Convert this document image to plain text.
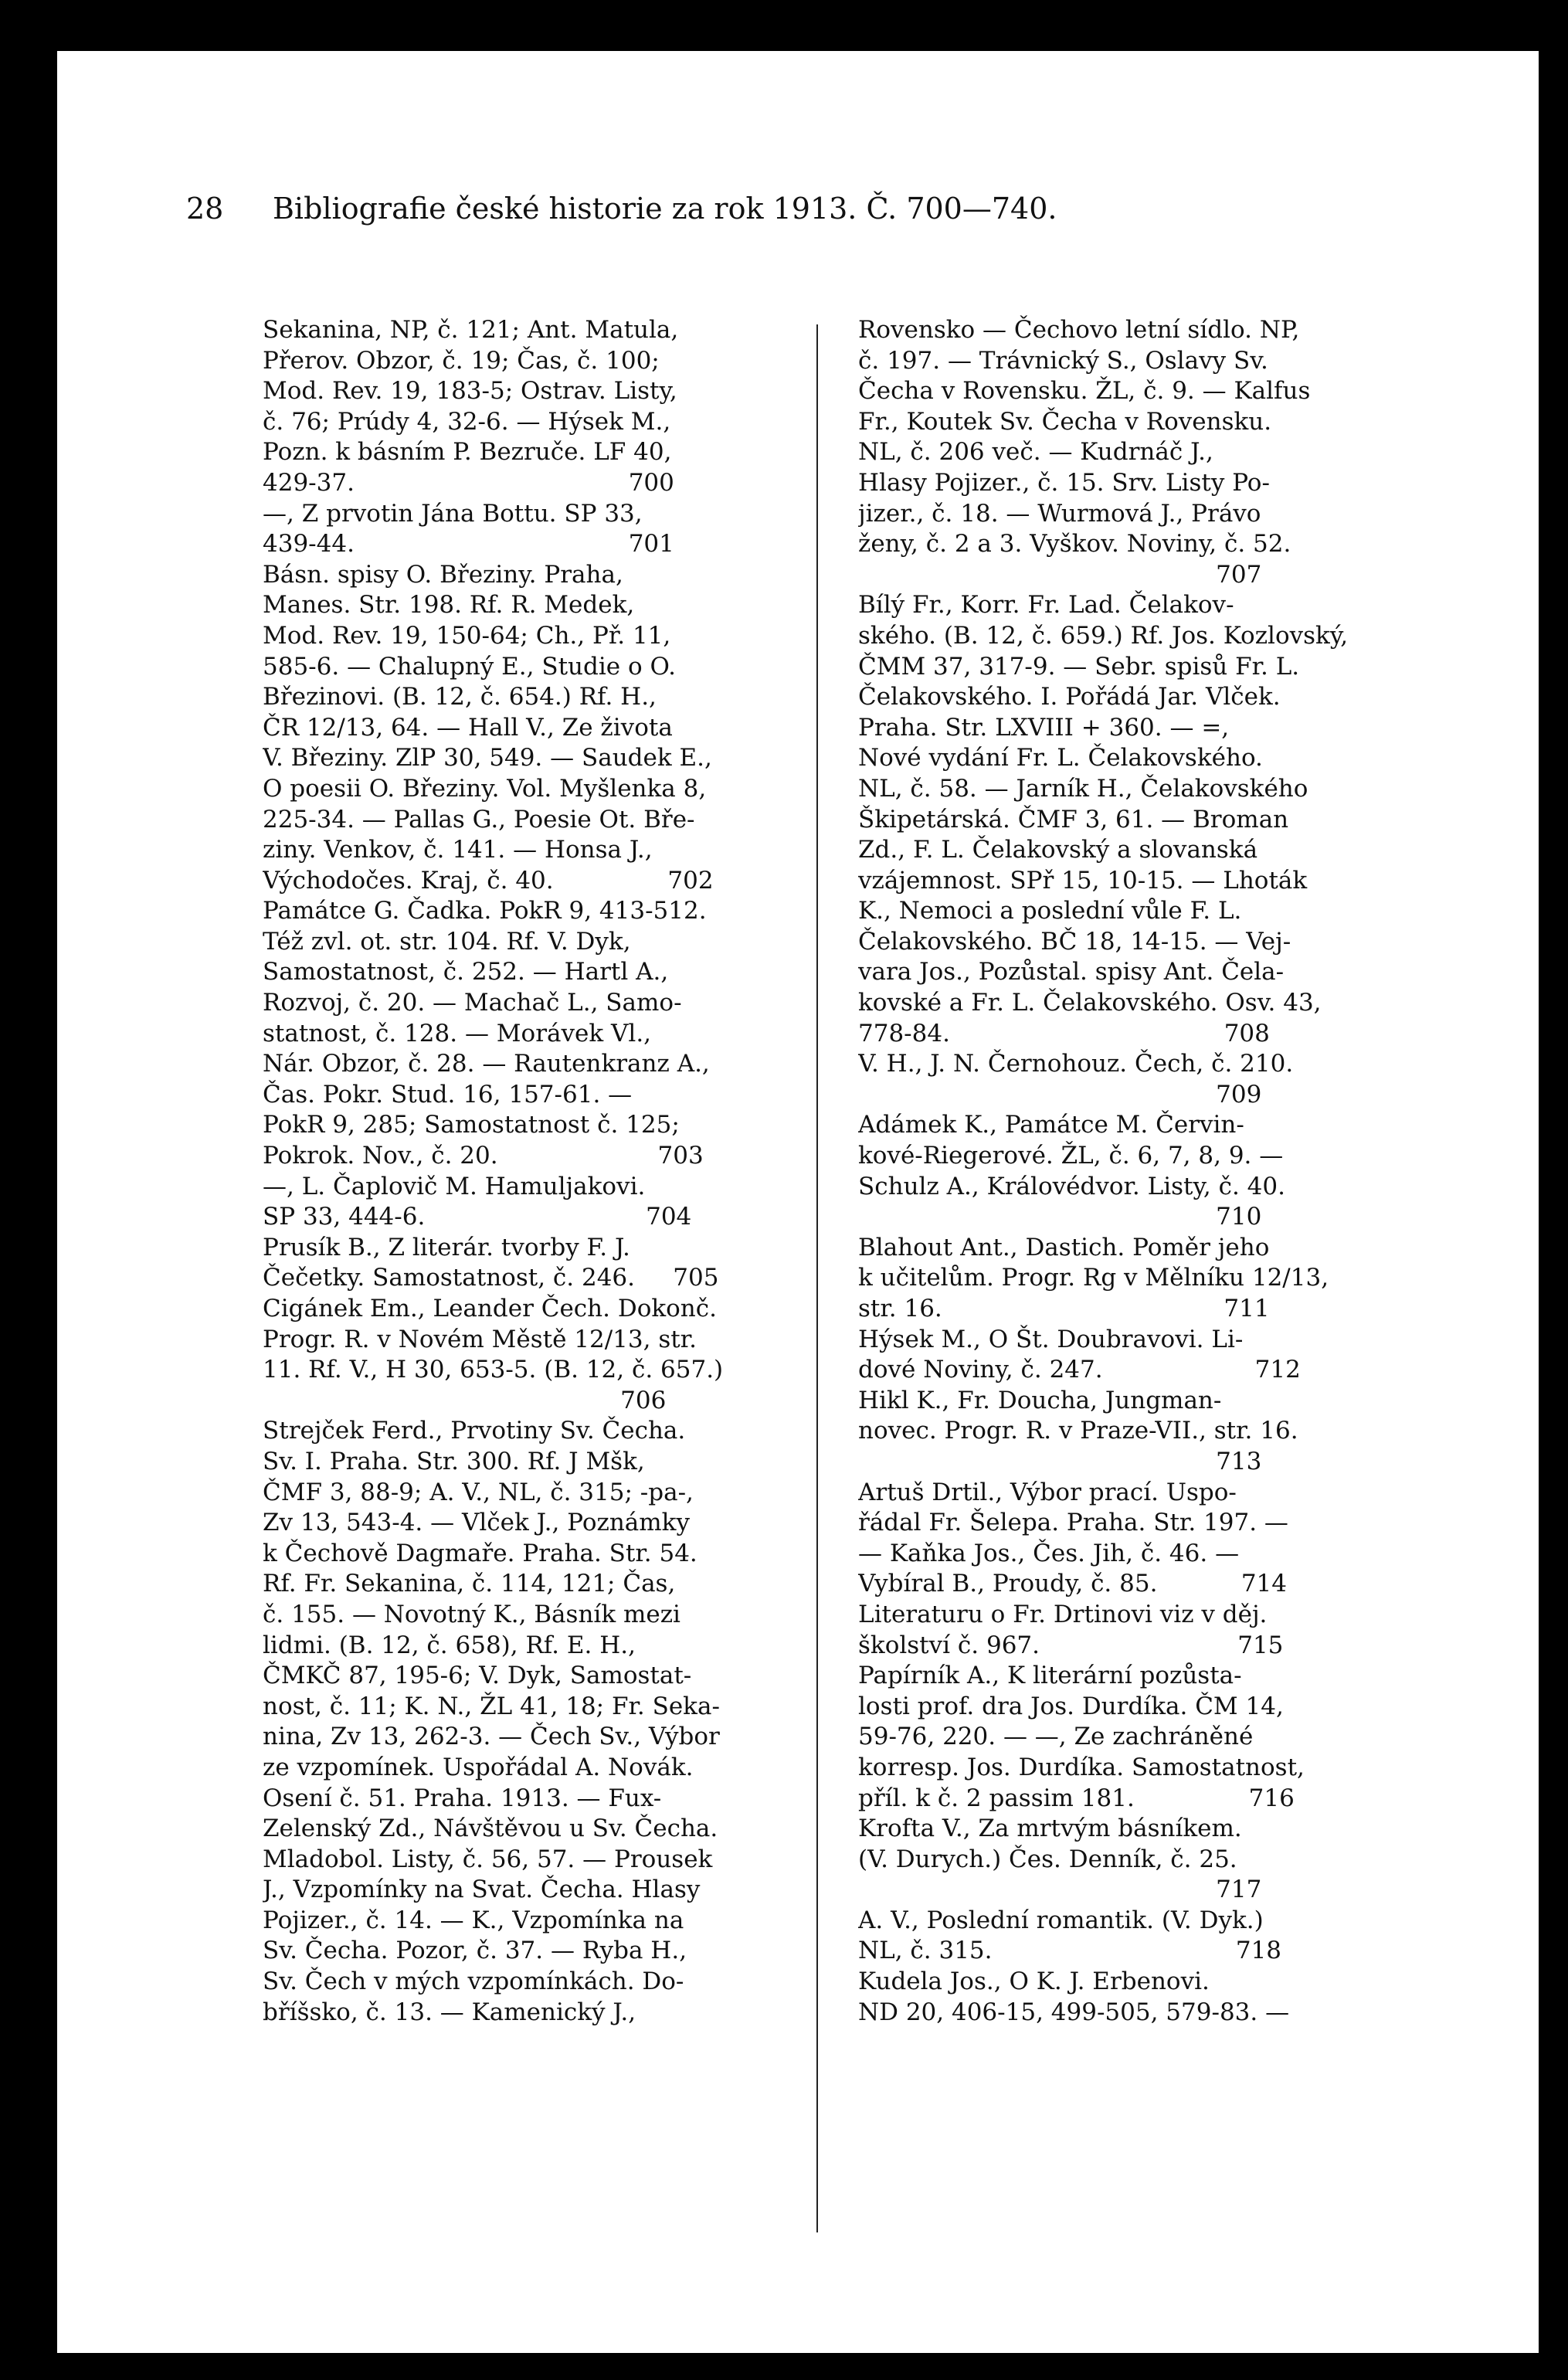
28 Bibliografie české historie za rok 1913. Č. 700—740.
Sekanina, NP, č. 121; Ant. Matula,
Přerov. Obzor, č. 19; Čas, č. 100;
Mod. Rev. 19, 183-5; Ostrav. Listy,
č. 76; Prúdy 4, 32-6. — Hýsek M.,
Pozn. k básním P. Bezruče. LF 40,
429-37.                                    700
—, Z prvotin Jána Bottu. SP 33,
439-44.                                    701
Básn. spisy O. Březiny. Praha,
Manes. Str. 198. Rf. R. Medek,
Mod. Rev. 19, 150-64; Ch., Př. 11,
585-6. — Chalupný E., Studie o O.
Březinovi. (B. 12, č. 654.) Rf. H.,
ČR 12/13, 64. — Hall V., Ze života
V. Březiny. ZlP 30, 549. — Saudek E.,
O poesii O. Březiny. Vol. Myšlenka 8,
225-34. — Pallas G., Poesie Ot. Bře-
ziny. Venkov, č. 141. — Honsa J.,
Východočes. Kraj, č. 40.               702
Památce G. Čadka. PokR 9, 413-512.
Též zvl. ot. str. 104. Rf. V. Dyk,
Samostatnost, č. 252. — Hartl A.,
Rozvoj, č. 20. — Machač L., Samo-
statnost, č. 128. — Morávek Vl.,
Nár. Obzor, č. 28. — Rautenkranz A.,
Čas. Pokr. Stud. 16, 157-61. —
PokR 9, 285; Samostatnost č. 125;
Pokrok. Nov., č. 20.                     703
—, L. Čaplovič M. Hamuljakovi.
SP 33, 444-6.                             704
Prusík B., Z literár. tvorby F. J.
Čečetky. Samostatnost, č. 246.     705
Cigánek Em., Leander Čech. Dokonč.
Progr. R. v Novém Městě 12/13, str.
11. Rf. V., H 30, 653-5. (B. 12, č. 657.)
706
Strejček Ferd., Prvotiny Sv. Čecha.
Sv. I. Praha. Str. 300. Rf. J Mšk,
ČMF 3, 88-9; A. V., NL, č. 315; -pa-,
Zv 13, 543-4. — Vlček J., Poznámky
k Čechově Dagmaře. Praha. Str. 54.
Rf. Fr. Sekanina, č. 114, 121; Čas,
č. 155. — Novotný K., Básník mezi
lidmi. (B. 12, č. 658), Rf. E. H.,
ČMKČ 87, 195-6; V. Dyk, Samostat-
nost, č. 11; K. N., ŽL 41, 18; Fr. Seka-
nina, Zv 13, 262-3. — Čech Sv., Výbor
ze vzpomínek. Uspořádal A. Novák.
Osení č. 51. Praha. 1913. — Fux-
Zelenský Zd., Návštěvou u Sv. Čecha.
Mladobol. Listy, č. 56, 57. — Prousek
J., Vzpomínky na Svat. Čecha. Hlasy
Pojizer., č. 14. — K., Vzpomínka na
Sv. Čecha. Pozor, č. 37. — Ryba H.,
Sv. Čech v mých vzpomínkách. Do-
bříšsko, č. 13. — Kamenický J.,
Rovensko — Čechovo letní sídlo. NP,
č. 197. — Trávnický S., Oslavy Sv.
Čecha v Rovensku. ŽL, č. 9. — Kalfus
Fr., Koutek Sv. Čecha v Rovensku.
NL, č. 206 več. — Kudrnáč J.,
Hlasy Pojizer., č. 15. Srv. Listy Po-
jizer., č. 18. — Wurmová J., Právo
ženy, č. 2 a 3. Vyškov. Noviny, č. 52.
707
Bílý Fr., Korr. Fr. Lad. Čelakov-
ského. (B. 12, č. 659.) Rf. Jos. Kozlovský,
ČMM 37, 317-9. — Sebr. spisů Fr. L.
Čelakovského. I. Pořádá Jar. Vlček.
Praha. Str. LXVIII + 360. — =,
Nové vydání Fr. L. Čelakovského.
NL, č. 58. — Jarník H., Čelakovského
Škipetárská. ČMF 3, 61. — Broman
Zd., F. L. Čelakovský a slovanská
vzájemnost. SPř 15, 10-15. — Lhoták
K., Nemoci a poslední vůle F. L.
Čelakovského. BČ 18, 14-15. — Vej-
vara Jos., Pozůstal. spisy Ant. Čela-
kovské a Fr. L. Čelakovského. Osv. 43,
778-84.                                    708
V. H., J. N. Černohouz. Čech, č. 210.
709
Adámek K., Památce M. Červin-
kové-Riegerové. ŽL, č. 6, 7, 8, 9. —
Schulz A., Královédvor. Listy, č. 40.
710
Blahout Ant., Dastich. Poměr jeho
k učitelům. Progr. Rg v Mělníku 12/13,
str. 16.                                     711
Hýsek M., O Št. Doubravovi. Li-
dové Noviny, č. 247.                    712
Hikl K., Fr. Doucha, Jungman-
novec. Progr. R. v Praze-VII., str. 16.
713
Artuš Drtil., Výbor prací. Uspo-
řádal Fr. Šelepa. Praha. Str. 197. —
— Kaňka Jos., Čes. Jih, č. 46. —
Vybíral B., Proudy, č. 85.           714
Literaturu o Fr. Drtinovi viz v děj.
školství č. 967.                          715
Papírník A., K literární pozůsta-
losti prof. dra Jos. Durdíka. ČM 14,
59-76, 220. — —, Ze zachráněné
korresp. Jos. Durdíka. Samostatnost,
příl. k č. 2 passim 181.               716
Krofta V., Za mrtvým básníkem.
(V. Durych.) Čes. Denník, č. 25.
717
A. V., Poslední romantik. (V. Dyk.)
NL, č. 315.                                718
Kudela Jos., O K. J. Erbenovi.
ND 20, 406-15, 499-505, 579-83. —
